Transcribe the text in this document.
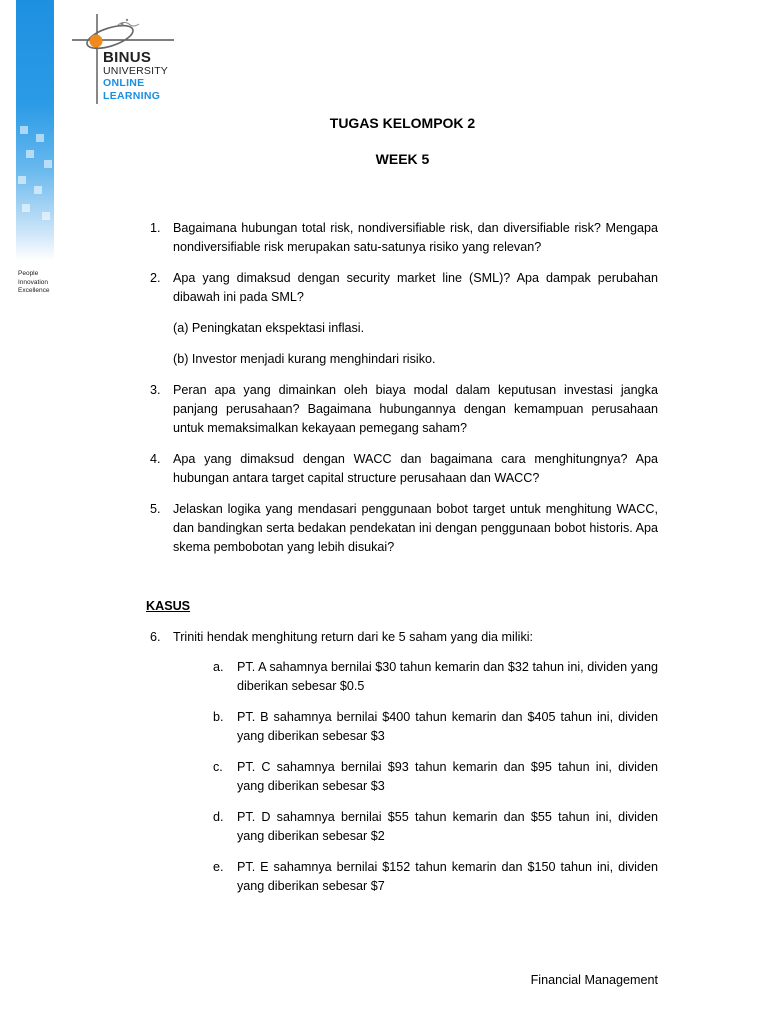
People
Innovation
Excellence
BINUS
UNIVERSITY
ONLINE
LEARNING
TUGAS KELOMPOK 2
WEEK 5
1. Bagaimana hubungan total risk, nondiversifiable risk, dan diversifiable risk? Mengapa nondiversifiable risk merupakan satu-satunya risiko yang relevan?
2. Apa yang dimaksud dengan security market line (SML)? Apa dampak perubahan dibawah ini pada SML?
(a) Peningkatan ekspektasi inflasi.
(b) Investor menjadi kurang menghindari risiko.
3. Peran apa yang dimainkan oleh biaya modal dalam keputusan investasi jangka panjang perusahaan? Bagaimana hubungannya dengan kemampuan perusahaan untuk memaksimalkan kekayaan pemegang saham?
4. Apa yang dimaksud dengan WACC dan bagaimana cara menghitungnya? Apa hubungan antara target capital structure perusahaan dan WACC?
5. Jelaskan logika yang mendasari penggunaan bobot target untuk menghitung WACC, dan bandingkan serta bedakan pendekatan ini dengan penggunaan bobot historis. Apa skema pembobotan yang lebih disukai?
KASUS
6. Triniti hendak menghitung return dari ke 5 saham yang dia miliki:
a. PT. A sahamnya bernilai $30 tahun kemarin dan $32 tahun ini, dividen yang diberikan sebesar $0.5
b. PT. B sahamnya bernilai $400 tahun kemarin dan $405 tahun ini, dividen yang diberikan sebesar $3
c. PT. C sahamnya bernilai $93 tahun kemarin dan $95 tahun ini, dividen yang diberikan sebesar $3
d. PT. D sahamnya bernilai $55 tahun kemarin dan $55 tahun ini, dividen yang diberikan sebesar $2
e. PT. E sahamnya bernilai $152 tahun kemarin dan $150 tahun ini, dividen yang diberikan sebesar $7
Financial Management
